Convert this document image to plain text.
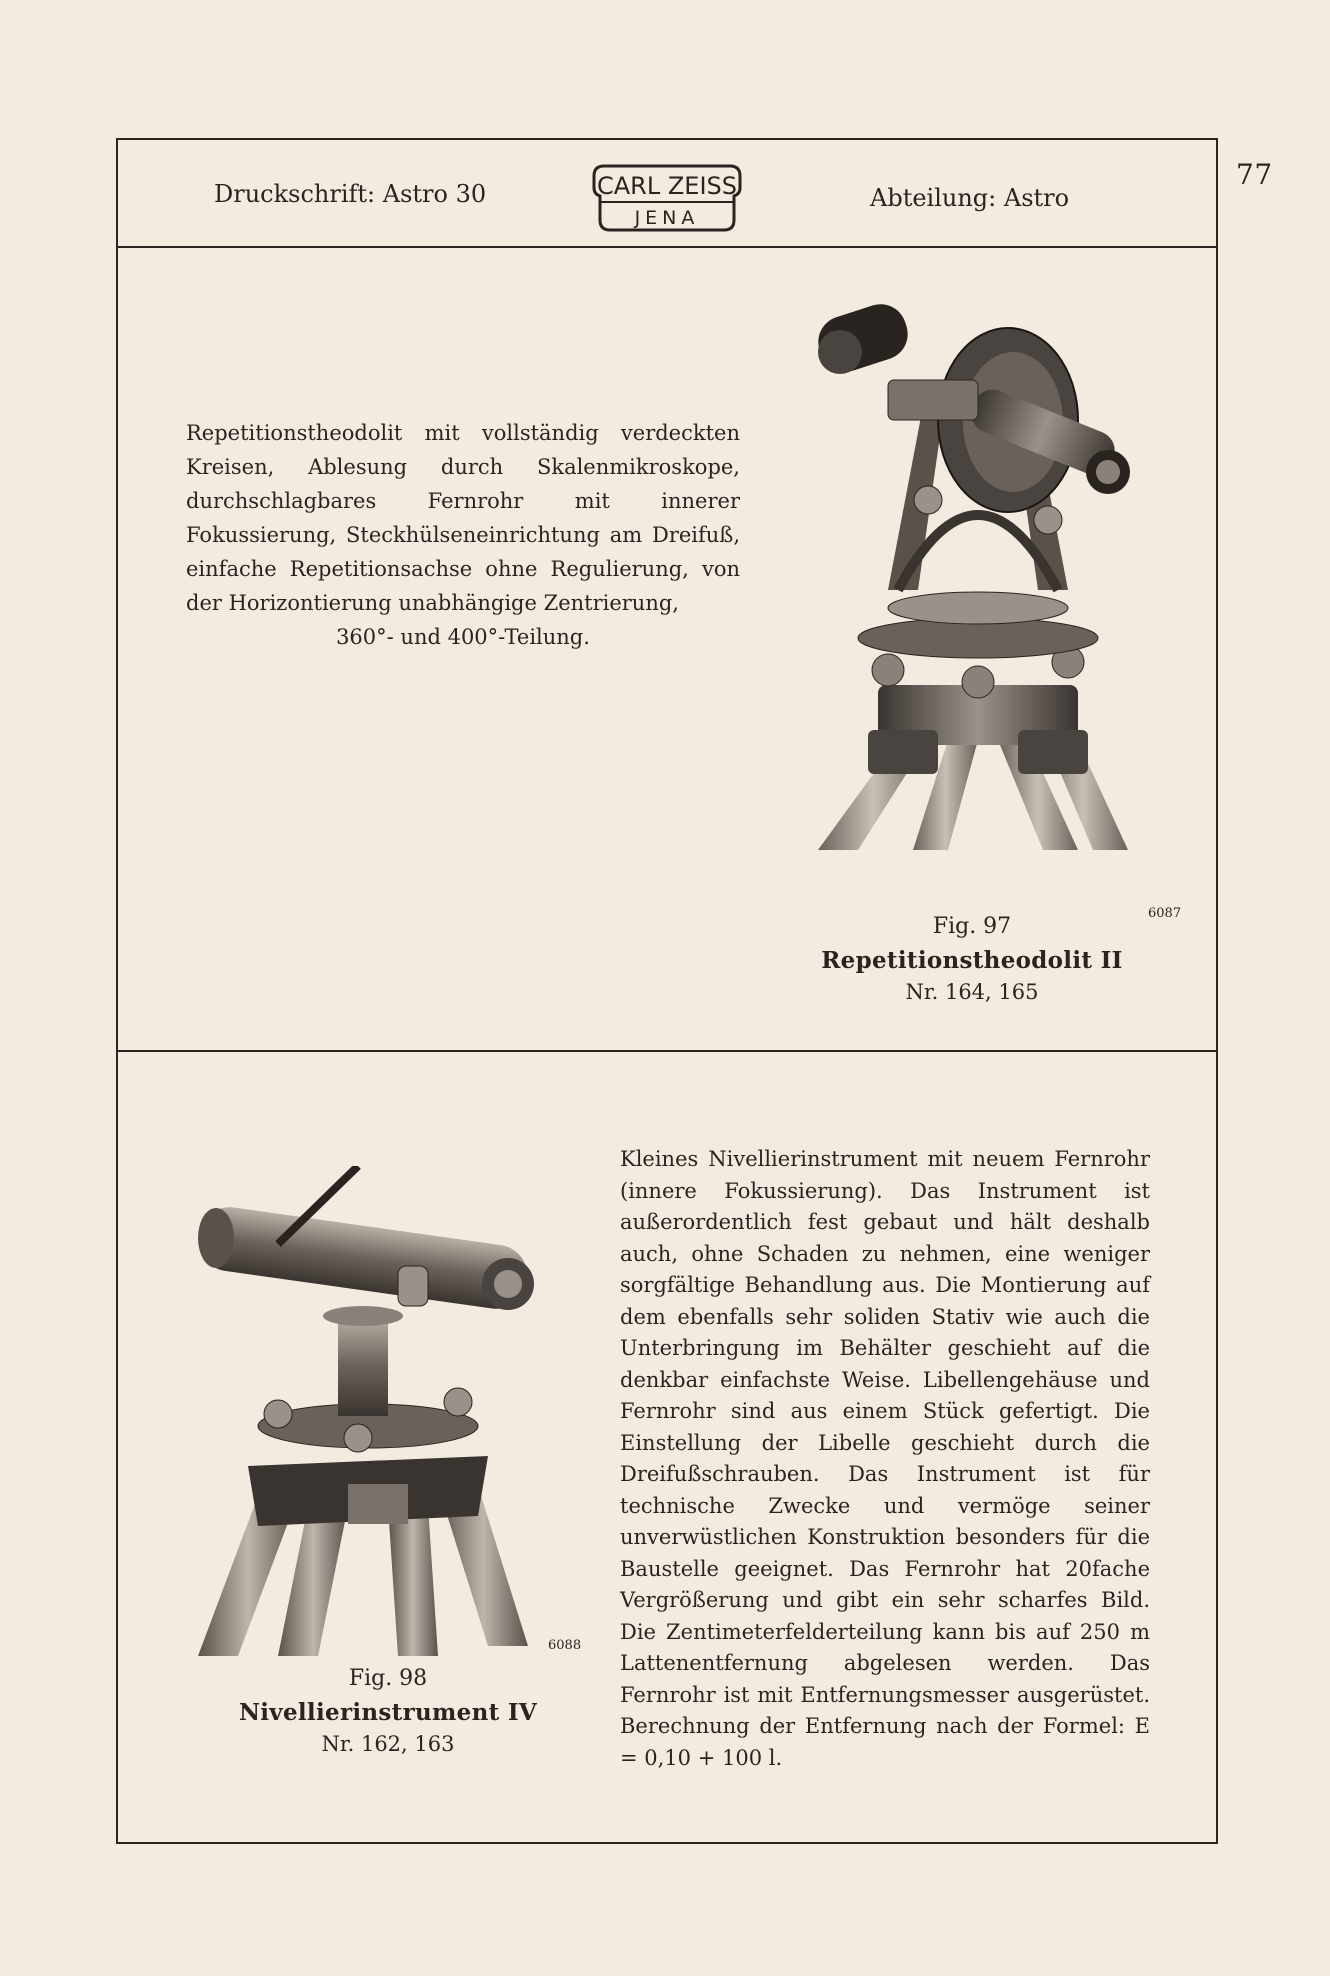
77
Druckschrift: Astro 30	CARL ZEISS
JENA
Abteilung: Astro
Repetitionstheodolit mit vollständig verdeckten Kreisen, Ablesung durch Skalenmikroskope, durchschlagbares Fernrohr mit innerer Fokussierung, Steckhülseneinrichtung am Dreifuß, einfache Repetitionsachse ohne Regulierung, von der Horizontierung unabhängige Zentrierung,
360°- und 400°-Teilung.
6087
Fig. 97
Repetitionstheodolit II
Nr. 164, 165
6088
Fig. 98
Nivellierinstrument IV
Nr. 162, 163
Kleines Nivellierinstrument mit neuem Fernrohr (innere Fokussierung). Das Instrument ist außerordentlich fest gebaut und hält deshalb auch, ohne Schaden zu nehmen, eine weniger sorgfältige Behandlung aus. Die Montierung auf dem ebenfalls sehr soliden Stativ wie auch die Unterbringung im Behälter geschieht auf die denkbar einfachste Weise. Libellengehäuse und Fernrohr sind aus einem Stück gefertigt. Die Einstellung der Libelle geschieht durch die Dreifußschrauben. Das Instrument ist für technische Zwecke und vermöge seiner unverwüstlichen Konstruktion besonders für die Baustelle geeignet. Das Fernrohr hat 20fache Vergrößerung und gibt ein sehr scharfes Bild. Die Zentimeterfelderteilung kann bis auf 250 m Lattenentfernung abgelesen werden. Das Fernrohr ist mit Entfernungsmesser ausgerüstet. Berechnung der Entfernung nach der Formel: E = 0,10 + 100 l.
